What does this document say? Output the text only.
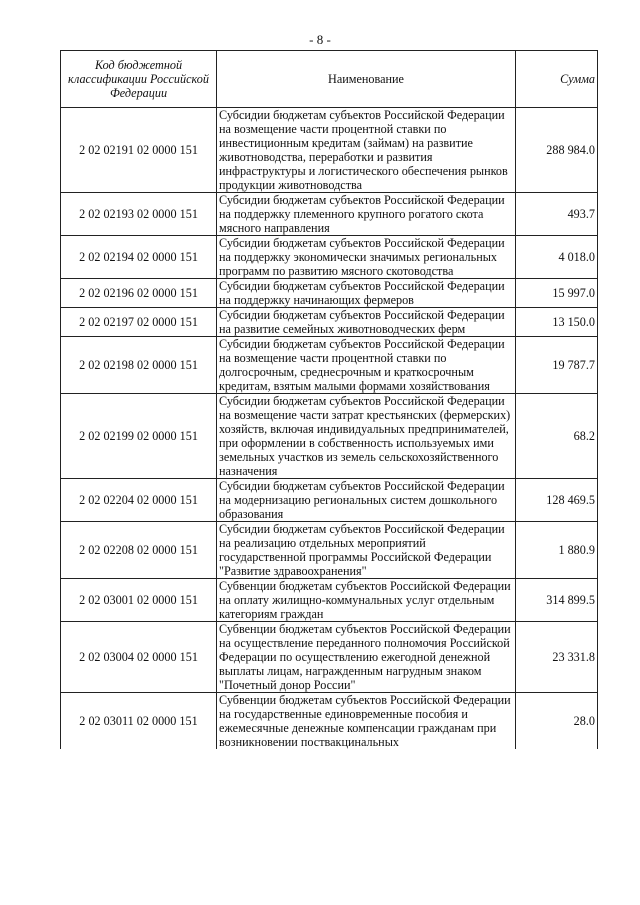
- 8 -
Код бюджетной классификации Российской Федерации	Наименование	Сумма
2 02 02191 02 0000 151	Субсидии бюджетам субъектов Российской Федерации на возмещение части процентной ставки по инвестиционным кредитам (займам) на развитие животноводства, переработки и развития инфраструктуры и логистического обеспечения рынков продукции животноводства	288 984.0
2 02 02193 02 0000 151	Субсидии бюджетам субъектов Российской Федерации на поддержку племенного крупного рогатого скота мясного направления	493.7
2 02 02194 02 0000 151	Субсидии бюджетам субъектов Российской Федерации на поддержку экономически значимых региональных программ по развитию мясного скотоводства	4 018.0
2 02 02196 02 0000 151	Субсидии бюджетам субъектов Российской Федерации на поддержку начинающих фермеров	15 997.0
2 02 02197 02 0000 151	Субсидии бюджетам субъектов Российской Федерации на развитие семейных животноводческих ферм	13 150.0
2 02 02198 02 0000 151	Субсидии бюджетам субъектов Российской Федерации на возмещение части процентной ставки по долгосрочным, среднесрочным и краткосрочным кредитам, взятым малыми формами хозяйствования	19 787.7
2 02 02199 02 0000 151	Субсидии бюджетам субъектов Российской Федерации на возмещение части затрат крестьянских (фермерских) хозяйств, включая индивидуальных предпринимателей, при оформлении в собственность используемых ими земельных участков из земель сельскохозяйственного назначения	68.2
2 02 02204 02 0000 151	Субсидии бюджетам субъектов Российской Федерации на модернизацию региональных систем дошкольного образования	128 469.5
2 02 02208 02 0000 151	Субсидии бюджетам субъектов Российской Федерации на реализацию отдельных мероприятий государственной программы Российской Федерации "Развитие здравоохранения"	1 880.9
2 02 03001 02 0000 151	Субвенции бюджетам субъектов Российской Федерации на оплату жилищно-коммунальных услуг отдельным категориям граждан	314 899.5
2 02 03004 02 0000 151	Субвенции бюджетам субъектов Российской Федерации на осуществление переданного полномочия Российской Федерации по осуществлению ежегодной денежной выплаты лицам, награжденным нагрудным знаком "Почетный донор России"	23 331.8
2 02 03011 02 0000 151	Субвенции бюджетам субъектов Российской Федерации на государственные единовременные пособия и ежемесячные денежные компенсации гражданам при возникновении поствакцинальных	28.0
